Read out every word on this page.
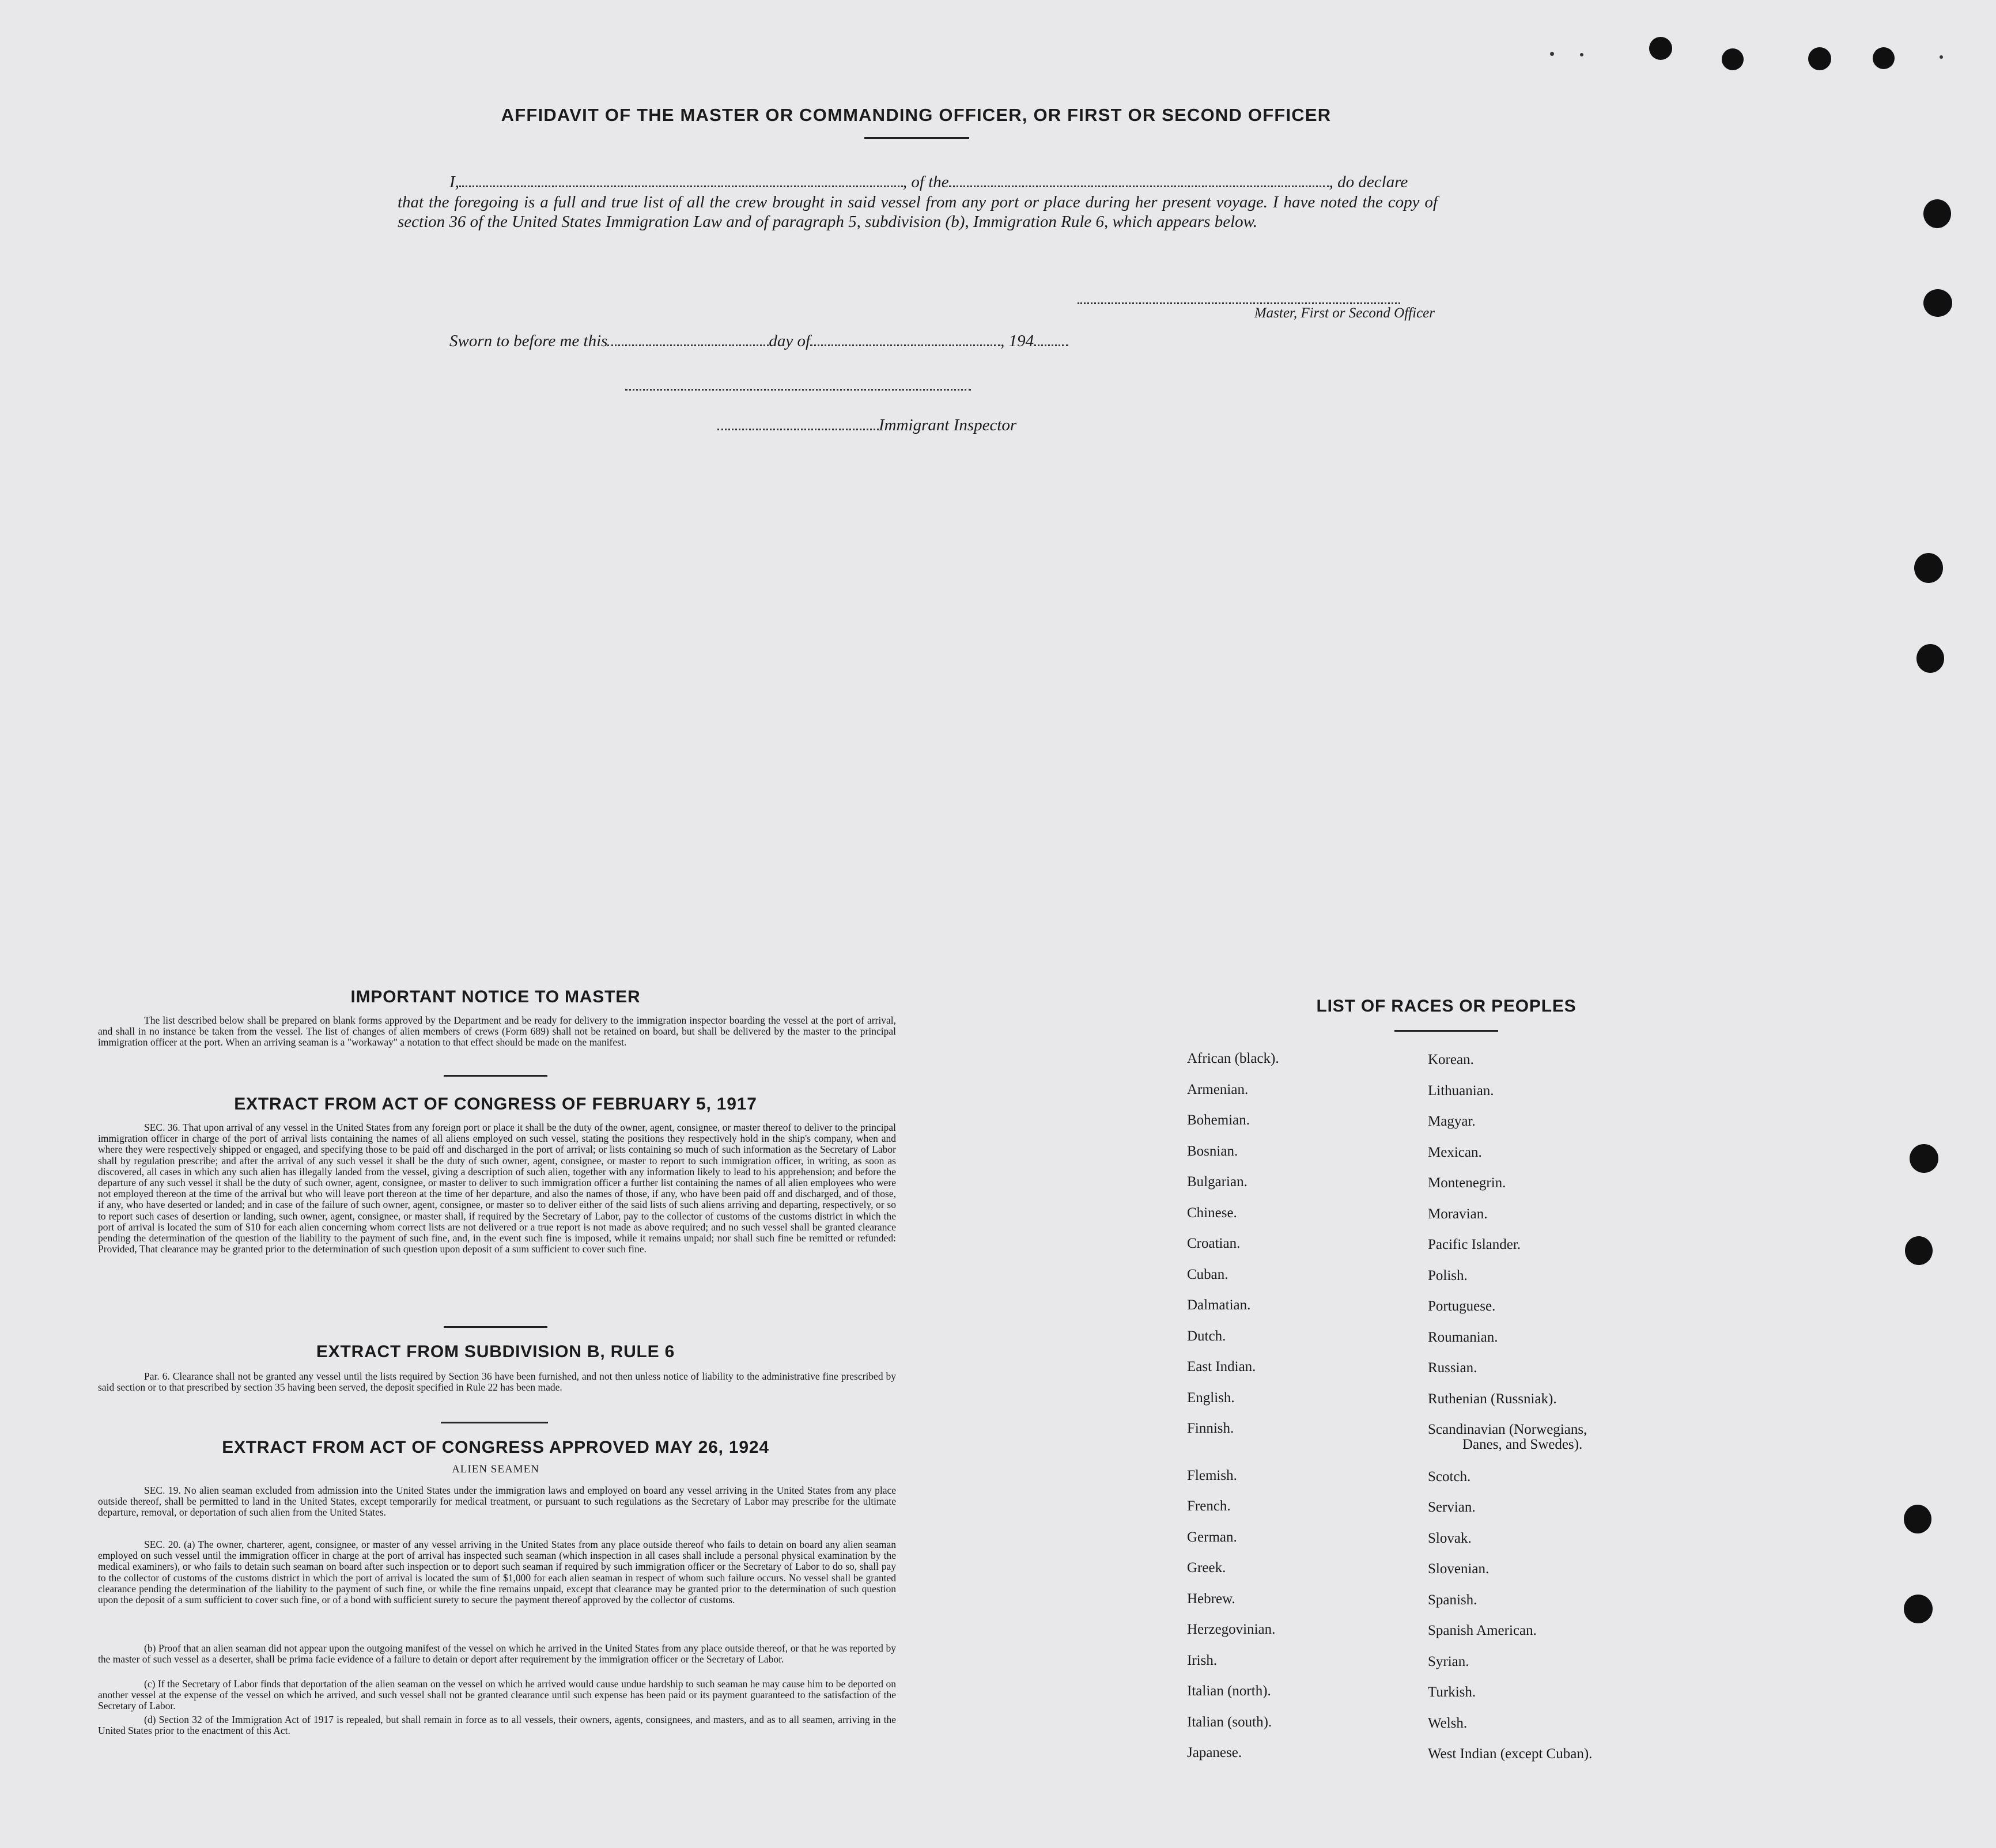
AFFIDAVIT OF THE MASTER OR COMMANDING OFFICER, OR FIRST OR SECOND OFFICER
I,	, of the	, do declare
that the foregoing is a full and true list of all the crew brought in said vessel from any port or place during her present voyage. I have noted the copy of section 36 of the United States Immigration Law and of paragraph 5, subdivision (b), Immigration Rule 6, which appears below.
Master, First or Second Officer
Sworn to before me this	day of	, 194
Immigrant Inspector
IMPORTANT NOTICE TO MASTER
The list described below shall be prepared on blank forms approved by the Department and be ready for delivery to the immigration inspector boarding the vessel at the port of arrival, and shall in no instance be taken from the vessel. The list of changes of alien members of crews (Form 689) shall not be retained on board, but shall be delivered by the master to the principal immigration officer at the port. When an arriving seaman is a "workaway" a notation to that effect should be made on the manifest.
EXTRACT FROM ACT OF CONGRESS OF FEBRUARY 5, 1917
SEC. 36. That upon arrival of any vessel in the United States from any foreign port or place it shall be the duty of the owner, agent, consignee, or master thereof to deliver to the principal immigration officer in charge of the port of arrival lists containing the names of all aliens employed on such vessel, stating the positions they respectively hold in the ship's company, when and where they were respectively shipped or engaged, and specifying those to be paid off and discharged in the port of arrival; or lists containing so much of such information as the Secretary of Labor shall by regulation prescribe; and after the arrival of any such vessel it shall be the duty of such owner, agent, consignee, or master to report to such immigration officer, in writing, as soon as discovered, all cases in which any such alien has illegally landed from the vessel, giving a description of such alien, together with any information likely to lead to his apprehension; and before the departure of any such vessel it shall be the duty of such owner, agent, consignee, or master to deliver to such immigration officer a further list containing the names of all alien employees who were not employed thereon at the time of the arrival but who will leave port thereon at the time of her departure, and also the names of those, if any, who have been paid off and discharged, and of those, if any, who have deserted or landed; and in case of the failure of such owner, agent, consignee, or master so to deliver either of the said lists of such aliens arriving and departing, respectively, or so to report such cases of desertion or landing, such owner, agent, consignee, or master shall, if required by the Secretary of Labor, pay to the collector of customs of the customs district in which the port of arrival is located the sum of $10 for each alien concerning whom correct lists are not delivered or a true report is not made as above required; and no such vessel shall be granted clearance pending the determination of the question of the liability to the payment of such fine, and, in the event such fine is imposed, while it remains unpaid; nor shall such fine be remitted or refunded: Provided, That clearance may be granted prior to the determination of such question upon deposit of a sum sufficient to cover such fine.
EXTRACT FROM SUBDIVISION B, RULE 6
Par. 6. Clearance shall not be granted any vessel until the lists required by Section 36 have been furnished, and not then unless notice of liability to the administrative fine prescribed by said section or to that prescribed by section 35 having been served, the deposit specified in Rule 22 has been made.
EXTRACT FROM ACT OF CONGRESS APPROVED MAY 26, 1924
ALIEN SEAMEN
SEC. 19. No alien seaman excluded from admission into the United States under the immigration laws and employed on board any vessel arriving in the United States from any place outside thereof, shall be permitted to land in the United States, except temporarily for medical treatment, or pursuant to such regulations as the Secretary of Labor may prescribe for the ultimate departure, removal, or deportation of such alien from the United States.
SEC. 20. (a) The owner, charterer, agent, consignee, or master of any vessel arriving in the United States from any place outside thereof who fails to detain on board any alien seaman employed on such vessel until the immigration officer in charge at the port of arrival has inspected such seaman (which inspection in all cases shall include a personal physical examination by the medical examiners), or who fails to detain such seaman on board after such inspection or to deport such seaman if required by such immigration officer or the Secretary of Labor to do so, shall pay to the collector of customs of the customs district in which the port of arrival is located the sum of $1,000 for each alien seaman in respect of whom such failure occurs. No vessel shall be granted clearance pending the determination of the liability to the payment of such fine, or while the fine remains unpaid, except that clearance may be granted prior to the determination of such question upon the deposit of a sum sufficient to cover such fine, or of a bond with sufficient surety to secure the payment thereof approved by the collector of customs.
(b) Proof that an alien seaman did not appear upon the outgoing manifest of the vessel on which he arrived in the United States from any place outside thereof, or that he was reported by the master of such vessel as a deserter, shall be prima facie evidence of a failure to detain or deport after requirement by the immigration officer or the Secretary of Labor.
(c) If the Secretary of Labor finds that deportation of the alien seaman on the vessel on which he arrived would cause undue hardship to such seaman he may cause him to be deported on another vessel at the expense of the vessel on which he arrived, and such vessel shall not be granted clearance until such expense has been paid or its payment guaranteed to the satisfaction of the Secretary of Labor.
(d) Section 32 of the Immigration Act of 1917 is repealed, but shall remain in force as to all vessels, their owners, agents, consignees, and masters, and as to all seamen, arriving in the United States prior to the enactment of this Act.
LIST OF RACES OR PEOPLES
African (black).
Armenian.
Bohemian.
Bosnian.
Bulgarian.
Chinese.
Croatian.
Cuban.
Dalmatian.
Dutch.
East Indian.
English.
Finnish.
Flemish.
French.
German.
Greek.
Hebrew.
Herzegovinian.
Irish.
Italian (north).
Italian (south).
Japanese.
Korean.
Lithuanian.
Magyar.
Mexican.
Montenegrin.
Moravian.
Pacific Islander.
Polish.
Portuguese.
Roumanian.
Russian.
Ruthenian (Russniak).
Scandinavian (Norwegians,
Danes, and Swedes).
Scotch.
Servian.
Slovak.
Slovenian.
Spanish.
Spanish American.
Syrian.
Turkish.
Welsh.
West Indian (except Cuban).
